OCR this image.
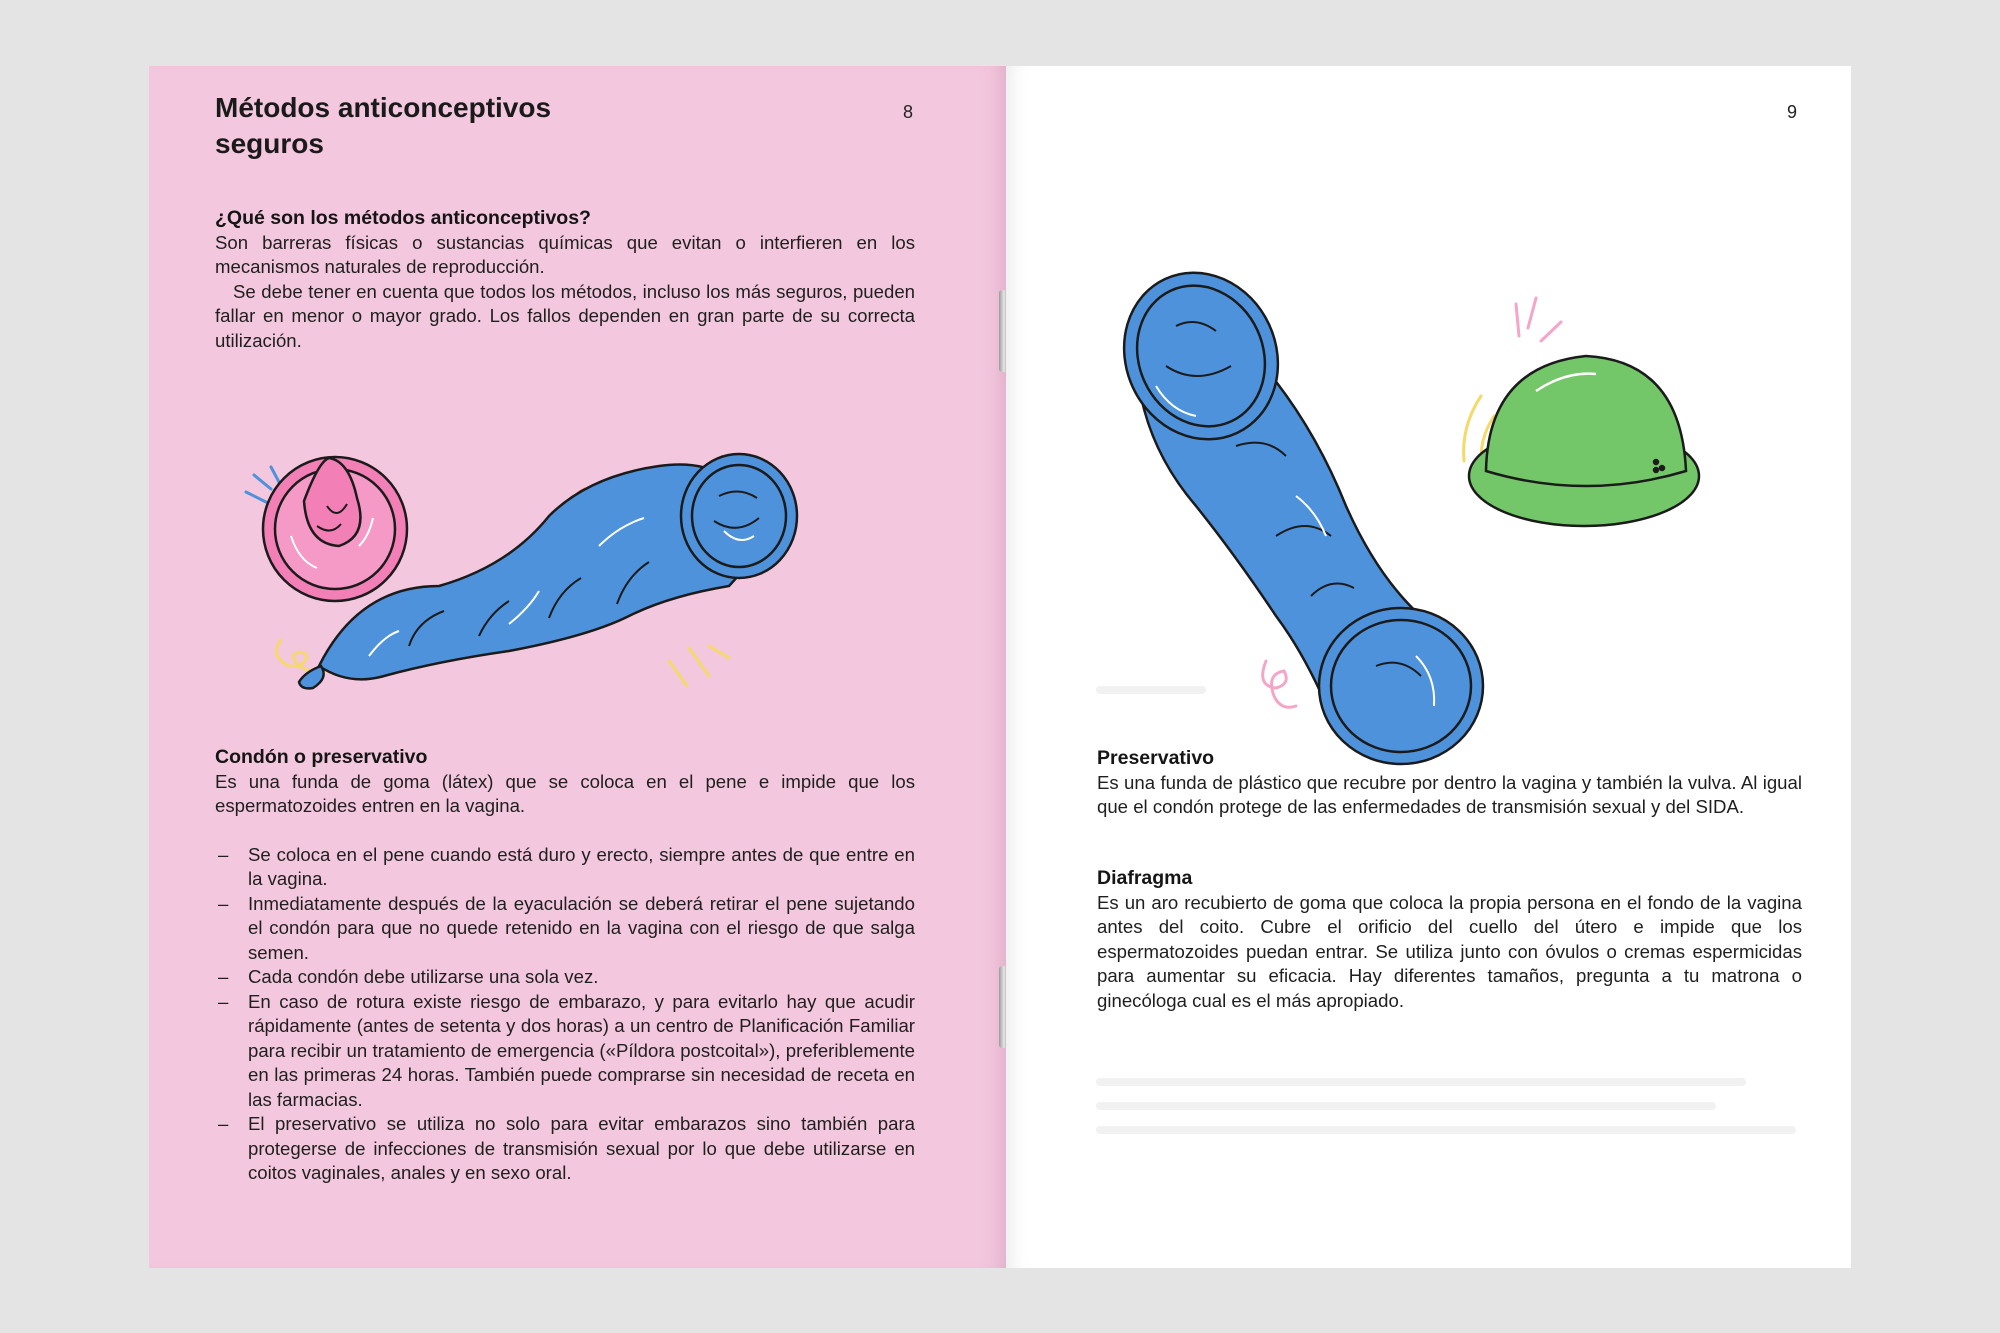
Métodos anticonceptivos
seguros
8

¿Qué son los métodos anticonceptivos?

Son barreras físicas o sustancias químicas que evitan o interfieren en los mecanismos naturales de reproducción.

Se debe tener en cuenta que todos los métodos, incluso los más seguros, pueden fallar en menor o mayor grado. Los fallos dependen en gran parte de su correcta utilización.

Condón o preservativo

Es una funda de goma (látex) que se coloca en el pene e impide que los espermatozoides entren en la vagina.

– Se coloca en el pene cuando está duro y erecto, siempre antes de que entre en la vagina.
– Inmediatamente después de la eyaculación se deberá retirar el pene sujetando el condón para que no quede retenido en la vagina con el riesgo de que salga semen.
– Cada condón debe utilizarse una sola vez.
– En caso de rotura existe riesgo de embarazo, y para evitarlo hay que acudir rápidamente (antes de setenta y dos horas) a un centro de Planificación Familiar para recibir un tratamiento de emergencia («Píldora postcoital»), preferiblemente en las primeras 24 horas. También puede comprarse sin necesidad de receta en las farmacias.
– El preservativo se utiliza no solo para evitar embarazos sino también para protegerse de infecciones de transmisión sexual por lo que debe utilizarse en coitos vaginales, anales y en sexo oral.
9

Preservativo

Es una funda de plástico que recubre por dentro la vagina y también la vulva. Al igual que el condón protege de las enfermedades de transmisión sexual y del SIDA.

Diafragma

Es un aro recubierto de goma que coloca la propia persona en el fondo de la vagina antes del coito. Cubre el orificio del cuello del útero e impide que los espermatozoides puedan entrar. Se utiliza junto con óvulos o cremas espermicidas para aumentar su eficacia. Hay diferentes tamaños, pregunta a tu matrona o ginecóloga cual es el más apropiado.
